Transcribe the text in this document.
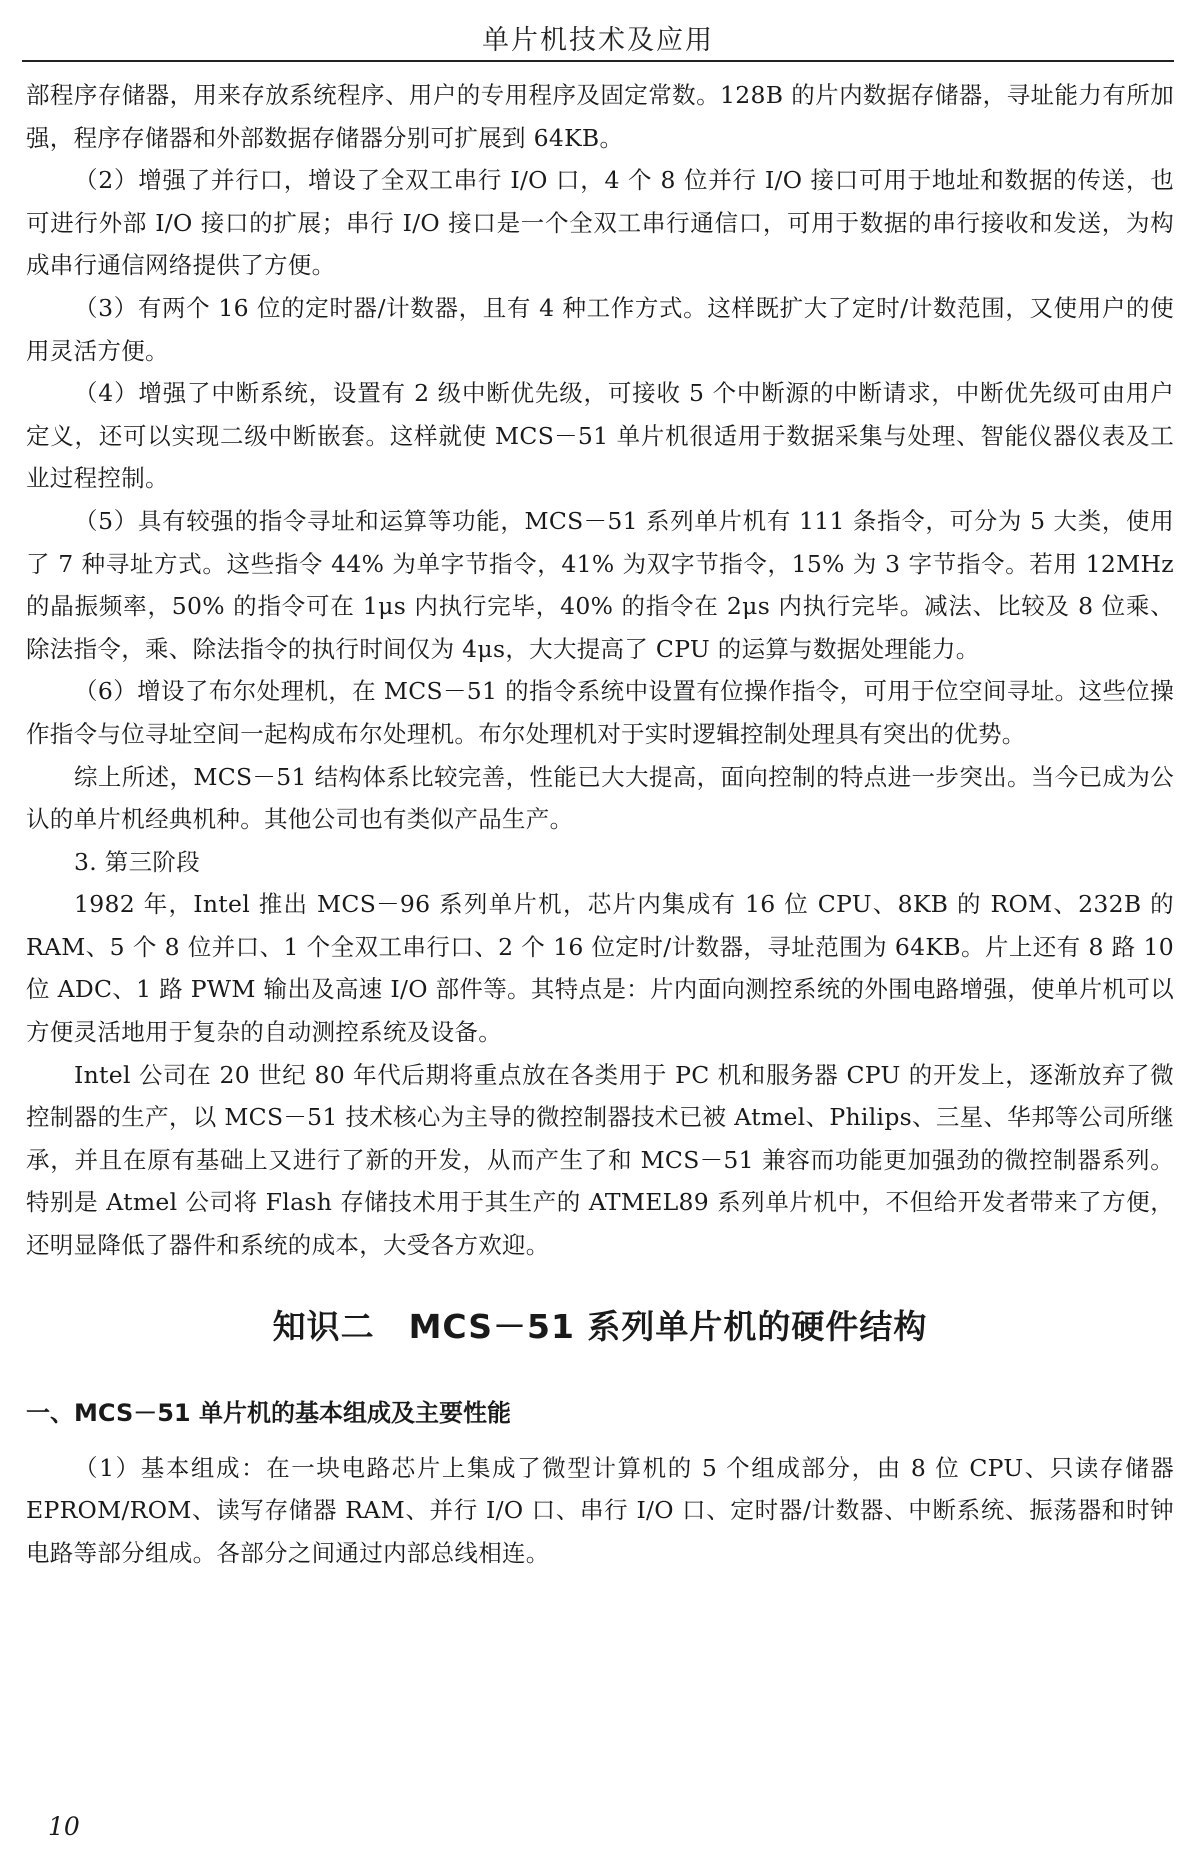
单片机技术及应用

部程序存储器，用来存放系统程序、用户的专用程序及固定常数。128B 的片内数据存储器，寻址能力有所加强，程序存储器和外部数据存储器分别可扩展到 64KB。

（2）增强了并行口，增设了全双工串行 I/O 口，4 个 8 位并行 I/O 接口可用于地址和数据的传送，也可进行外部 I/O 接口的扩展；串行 I/O 接口是一个全双工串行通信口，可用于数据的串行接收和发送，为构成串行通信网络提供了方便。

（3）有两个 16 位的定时器/计数器，且有 4 种工作方式。这样既扩大了定时/计数范围，又使用户的使用灵活方便。

（4）增强了中断系统，设置有 2 级中断优先级，可接收 5 个中断源的中断请求，中断优先级可由用户定义，还可以实现二级中断嵌套。这样就使 MCS－51 单片机很适用于数据采集与处理、智能仪器仪表及工业过程控制。

（5）具有较强的指令寻址和运算等功能，MCS－51 系列单片机有 111 条指令，可分为 5 大类，使用了 7 种寻址方式。这些指令 44% 为单字节指令，41% 为双字节指令，15% 为 3 字节指令。若用 12MHz 的晶振频率，50% 的指令可在 1μs 内执行完毕，40% 的指令在 2μs 内执行完毕。减法、比较及 8 位乘、除法指令，乘、除法指令的执行时间仅为 4μs，大大提高了 CPU 的运算与数据处理能力。

（6）增设了布尔处理机，在 MCS－51 的指令系统中设置有位操作指令，可用于位空间寻址。这些位操作指令与位寻址空间一起构成布尔处理机。布尔处理机对于实时逻辑控制处理具有突出的优势。

综上所述，MCS－51 结构体系比较完善，性能已大大提高，面向控制的特点进一步突出。当今已成为公认的单片机经典机种。其他公司也有类似产品生产。

3. 第三阶段

1982 年，Intel 推出 MCS－96 系列单片机，芯片内集成有 16 位 CPU、8KB 的 ROM、232B 的 RAM、5 个 8 位并口、1 个全双工串行口、2 个 16 位定时/计数器，寻址范围为 64KB。片上还有 8 路 10 位 ADC、1 路 PWM 输出及高速 I/O 部件等。其特点是：片内面向测控系统的外围电路增强，使单片机可以方便灵活地用于复杂的自动测控系统及设备。

Intel 公司在 20 世纪 80 年代后期将重点放在各类用于 PC 机和服务器 CPU 的开发上，逐渐放弃了微控制器的生产，以 MCS－51 技术核心为主导的微控制器技术已被 Atmel、Philips、三星、华邦等公司所继承，并且在原有基础上又进行了新的开发，从而产生了和 MCS－51 兼容而功能更加强劲的微控制器系列。特别是 Atmel 公司将 Flash 存储技术用于其生产的 ATMEL89 系列单片机中，不但给开发者带来了方便，还明显降低了器件和系统的成本，大受各方欢迎。

知识二　MCS－51 系列单片机的硬件结构
一、MCS－51 单片机的基本组成及主要性能

（1）基本组成：在一块电路芯片上集成了微型计算机的 5 个组成部分，由 8 位 CPU、只读存储器 EPROM/ROM、读写存储器 RAM、并行 I/O 口、串行 I/O 口、定时器/计数器、中断系统、振荡器和时钟电路等部分组成。各部分之间通过内部总线相连。

10
